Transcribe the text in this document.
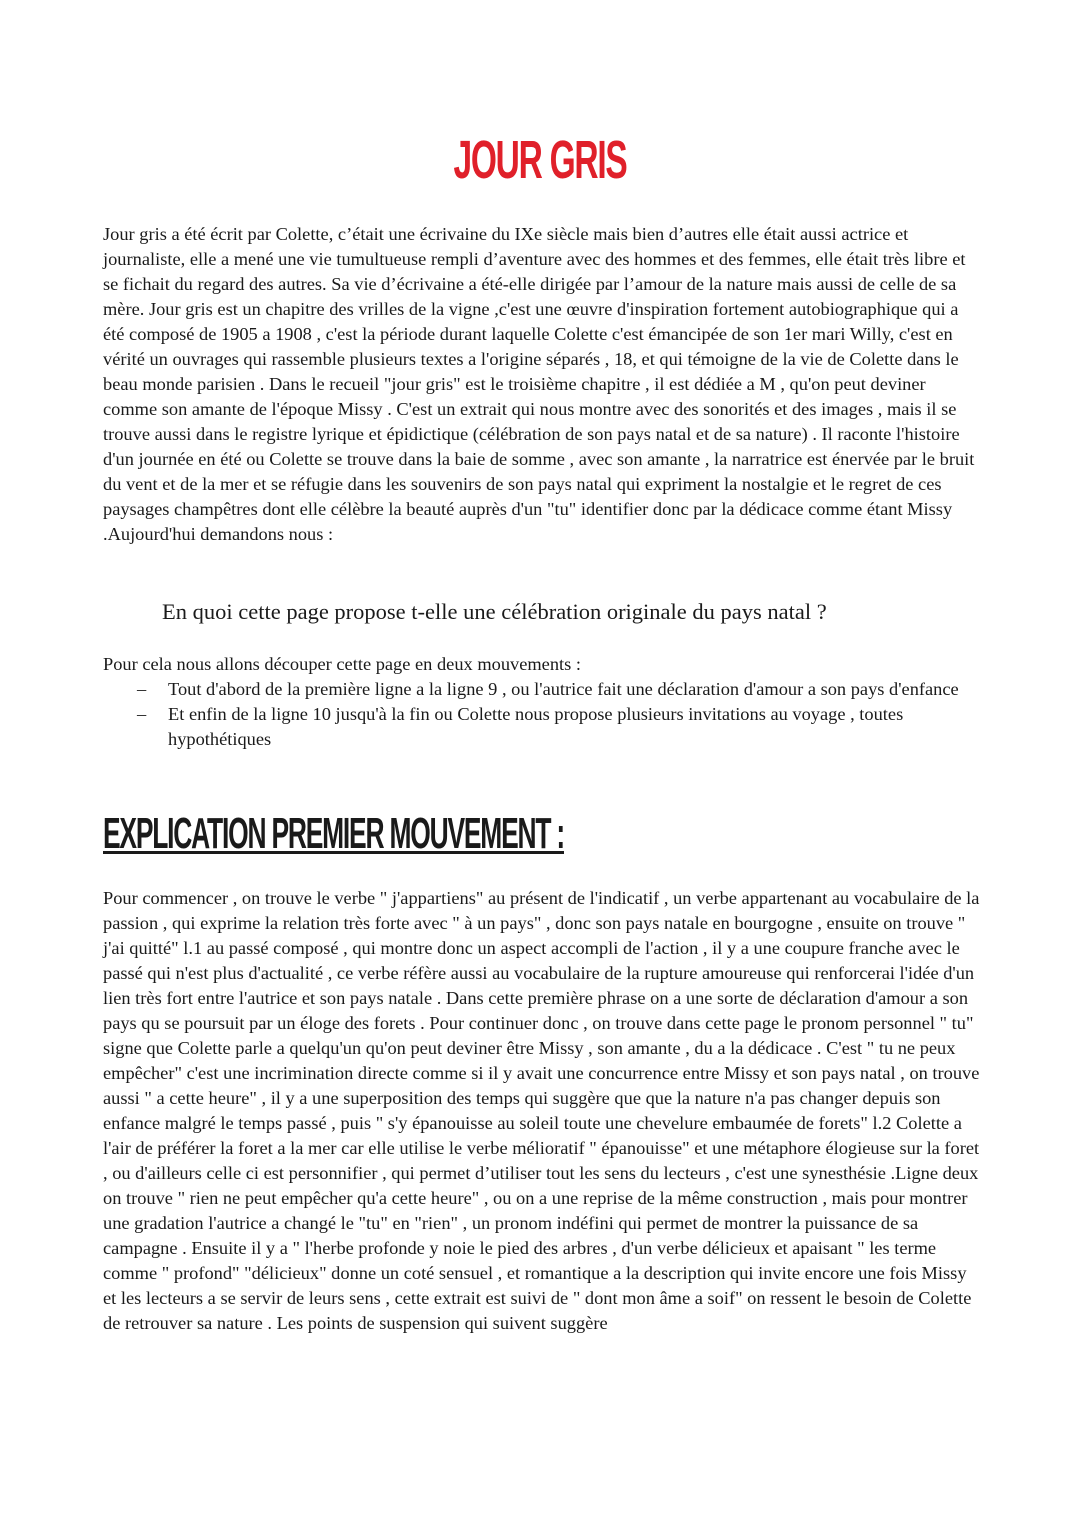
JOUR GRIS

Jour gris a été écrit par Colette, c’était une écrivaine du IXe siècle mais bien d’autres elle était aussi actrice et journaliste, elle a mené une vie tumultueuse rempli d’aventure avec des hommes et des femmes, elle était très libre et se fichait du regard des autres. Sa vie d’écrivaine a été-elle dirigée par l’amour de la nature mais aussi de celle de sa mère. Jour gris est un chapitre des vrilles de la vigne ,c'est une œuvre d'inspiration fortement autobiographique qui a été composé de 1905 a 1908 , c'est la période durant laquelle Colette c'est émancipée de son 1er mari Willy, c'est en vérité un ouvrages qui rassemble plusieurs textes a l'origine séparés , 18, et qui témoigne de la vie de Colette dans le beau monde parisien . Dans le recueil "jour gris" est le troisième chapitre , il est dédiée a M , qu'on peut deviner comme son amante de l'époque Missy . C'est un extrait qui nous montre avec des sonorités et des images , mais il se trouve aussi dans le registre lyrique et épidictique (célébration de son pays natal et de sa nature) . Il raconte l'histoire d'un journée en été ou Colette se trouve dans la baie de somme , avec son amante , la narratrice est énervée par le bruit du vent et de la mer et se réfugie dans les souvenirs de son pays natal qui expriment la nostalgie et le regret de ces paysages champêtres dont elle célèbre la beauté auprès d'un "tu" identifier donc par la dédicace comme étant Missy .Aujourd'hui demandons nous :

En quoi cette page propose t-elle une célébration originale du pays natal ?

Pour cela nous allons découper cette page en deux mouvements :

– Tout d'abord de la première ligne a la ligne 9 , ou l'autrice fait une déclaration d'amour a son pays d'enfance
– Et enfin de la ligne 10 jusqu'à la fin ou Colette nous propose plusieurs invitations au voyage , toutes hypothétiques
EXPLICATION PREMIER MOUVEMENT :

Pour commencer , on trouve le verbe " j'appartiens" au présent de l'indicatif , un verbe appartenant au vocabulaire de la passion , qui exprime la relation très forte avec " à un pays" , donc son pays natale en bourgogne , ensuite on trouve " j'ai quitté" l.1 au passé composé , qui montre donc un aspect accompli de l'action , il y a une coupure franche avec le passé qui n'est plus d'actualité , ce verbe réfère aussi au vocabulaire de la rupture amoureuse qui renforcerai l'idée d'un lien très fort entre l'autrice et son pays natale . Dans cette première phrase on a une sorte de déclaration d'amour a son pays qu se poursuit par un éloge des forets . Pour continuer donc , on trouve dans cette page le pronom personnel " tu" signe que Colette parle a quelqu'un qu'on peut deviner être Missy , son amante , du a la dédicace . C'est " tu ne peux empêcher" c'est une incrimination directe comme si il y avait une concurrence entre Missy et son pays natal , on trouve aussi " a cette heure" , il y a une superposition des temps qui suggère que que la nature n'a pas changer depuis son enfance malgré le temps passé , puis " s'y épanouisse au soleil toute une chevelure embaumée de forets" l.2 Colette a l'air de préférer la foret a la mer car elle utilise le verbe mélioratif " épanouisse" et une métaphore élogieuse sur la foret , ou d'ailleurs celle ci est personnifier , qui permet d’utiliser tout les sens du lecteurs , c'est une synesthésie .Ligne deux on trouve " rien ne peut empêcher qu'a cette heure" , ou on a une reprise de la même construction , mais pour montrer une gradation l'autrice a changé le "tu" en "rien" , un pronom indéfini qui permet de montrer la puissance de sa campagne . Ensuite il y a " l'herbe profonde y noie le pied des arbres , d'un verbe délicieux et apaisant " les terme comme " profond" "délicieux" donne un coté sensuel , et romantique a la description qui invite encore une fois Missy et les lecteurs a se servir de leurs sens , cette extrait est suivi de " dont mon âme a soif" on ressent le besoin de Colette de retrouver sa nature . Les points de suspension qui suivent suggère
